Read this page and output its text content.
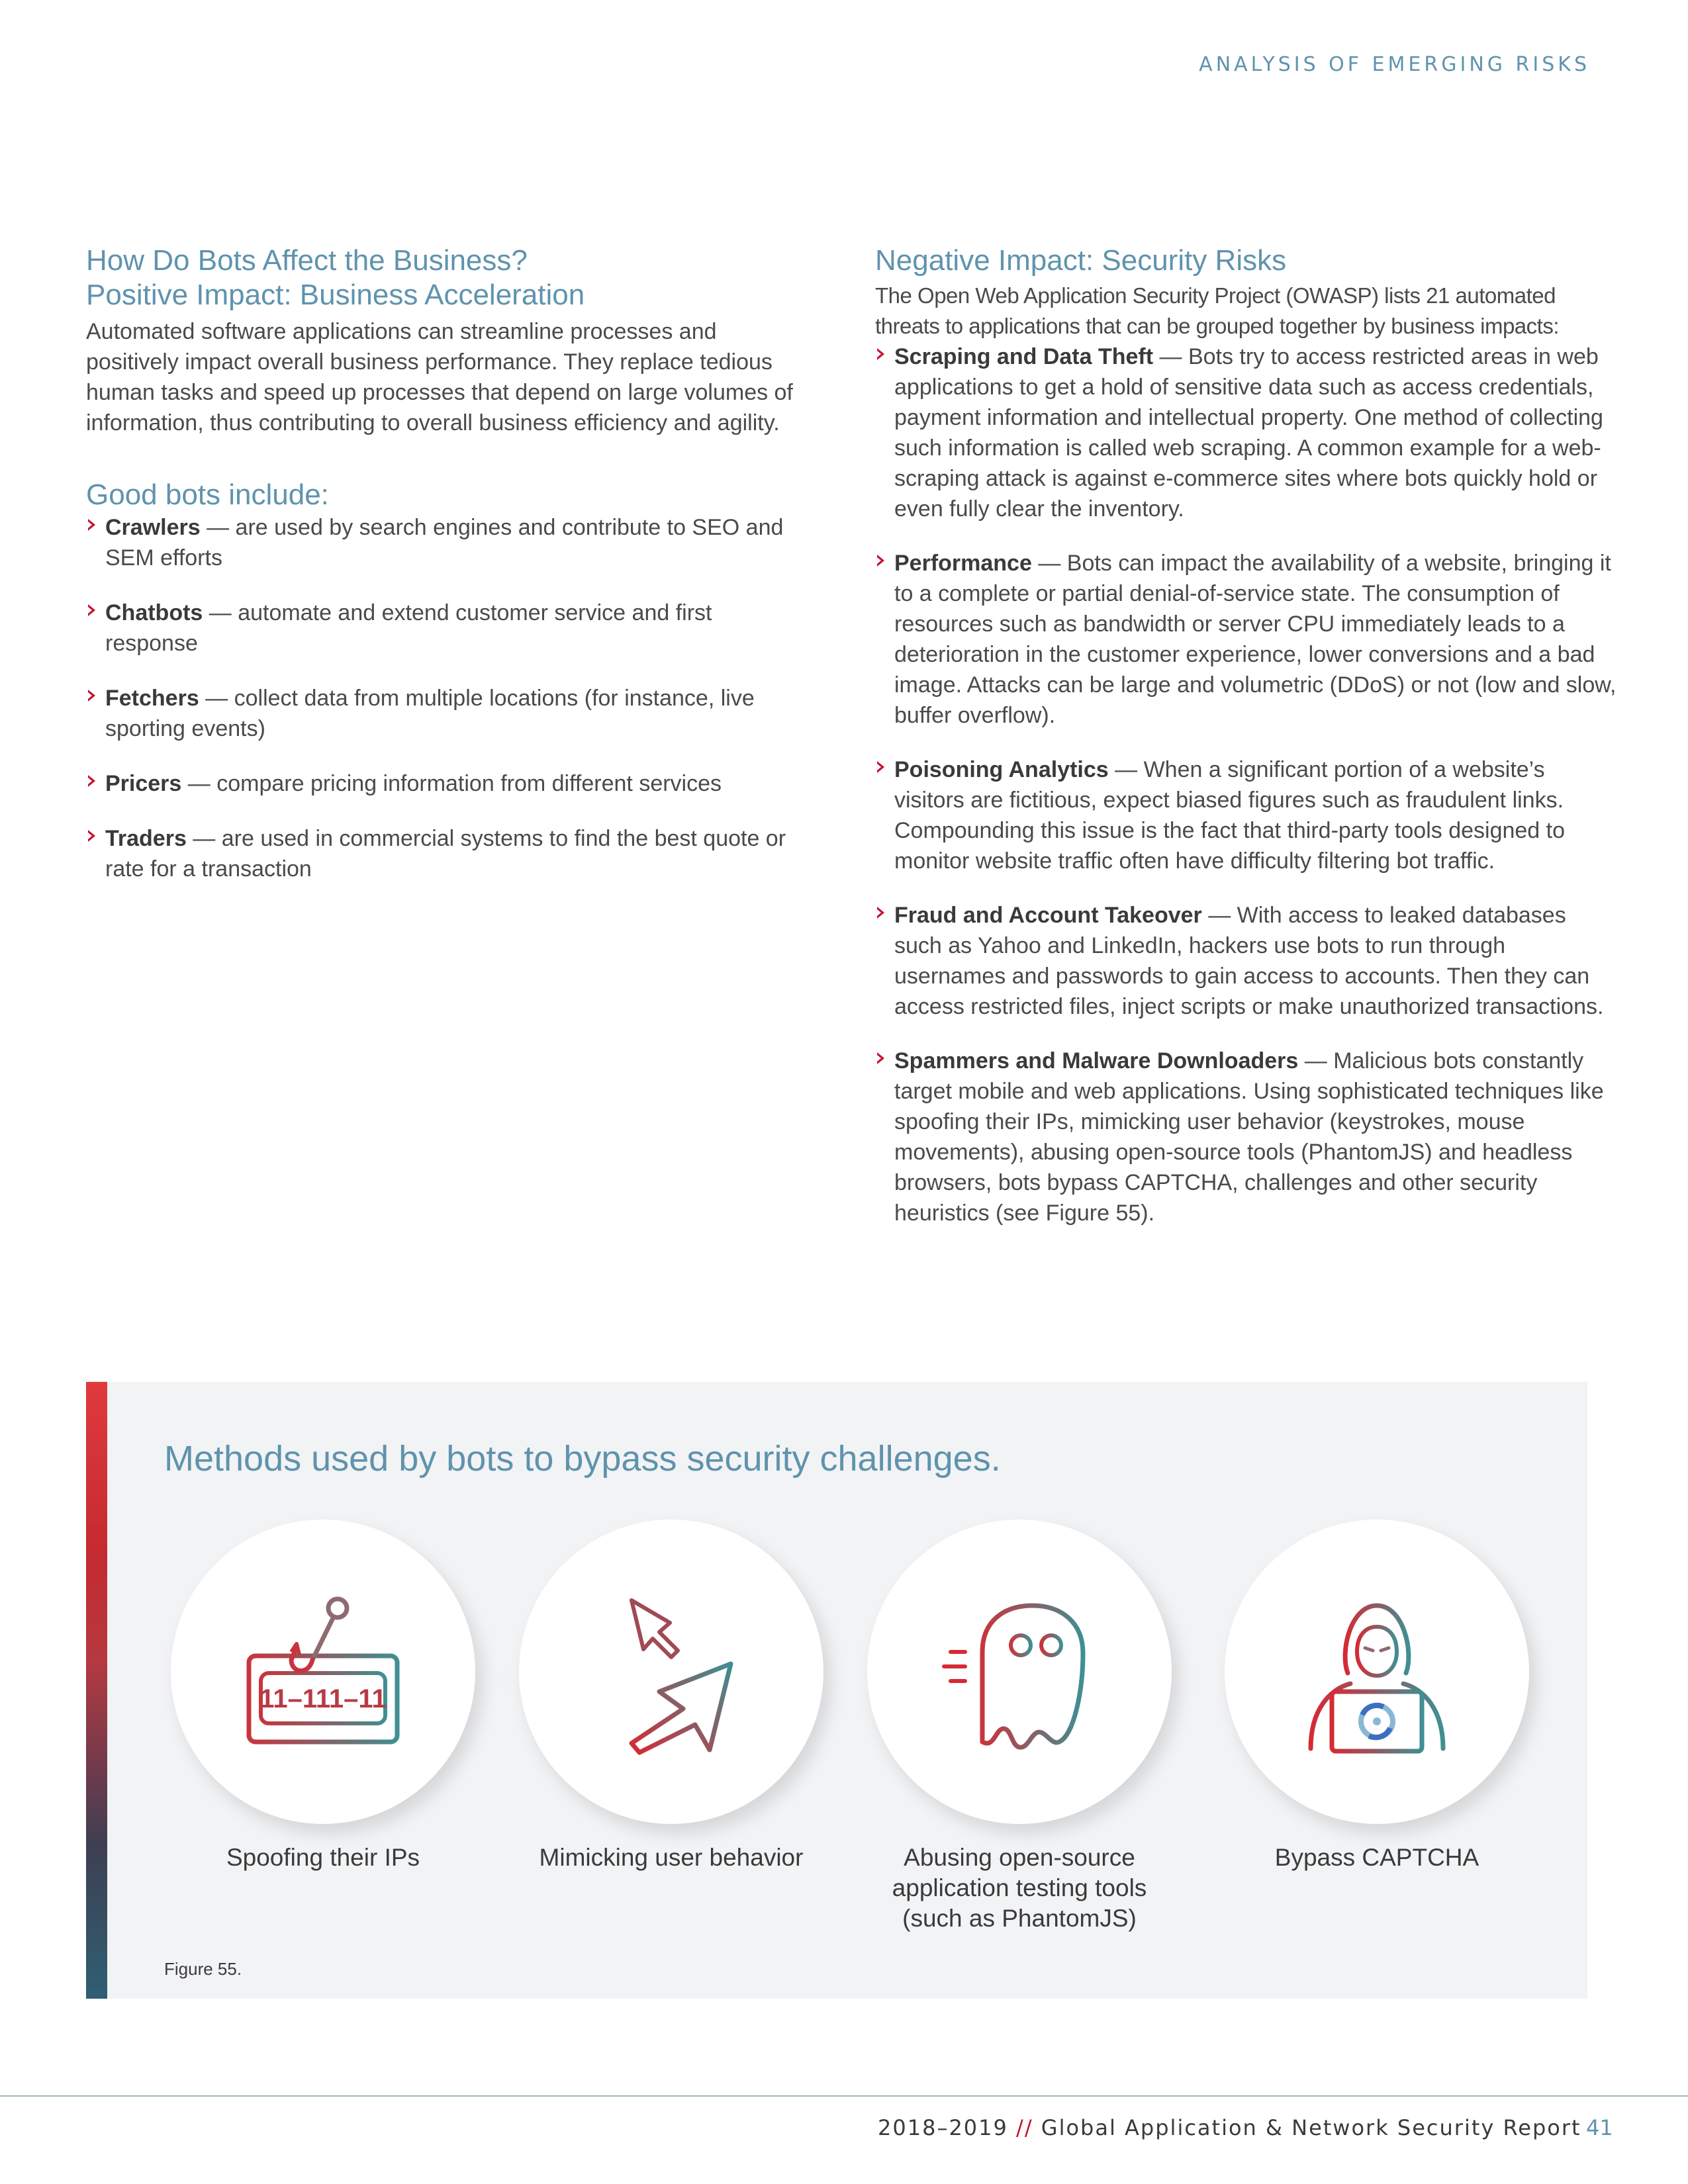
ANALYSIS OF EMERGING RISKS
How Do Bots Affect the Business?
Positive Impact: Business Acceleration

Automated software applications can streamline processes and positively impact overall business performance. They replace tedious human tasks and speed up processes that depend on large volumes of information, thus contributing to overall business efficiency and agility.

Good bots include:
Crawlers — are used by search engines and contribute to SEO and SEM efforts
Chatbots — automate and extend customer service and first response
Fetchers — collect data from multiple locations (for instance, live sporting events)
Pricers — compare pricing information from different services
Traders — are used in commercial systems to find the best quote or rate for a transaction
Negative Impact: Security Risks

The Open Web Application Security Project (OWASP) lists 21 automated threats to applications that can be grouped together by business impacts:

Scraping and Data Theft — Bots try to access restricted areas in web applications to get a hold of sensitive data such as access credentials, payment information and intellectual property. One method of collecting such information is called web scraping. A common example for a web-scraping attack is against e-commerce sites where bots quickly hold or even fully clear the inventory.
Performance — Bots can impact the availability of a website, bringing it to a complete or partial denial-of-service state. The consumption of resources such as bandwidth or server CPU immediately leads to a deterioration in the customer experience, lower conversions and a bad image. Attacks can be large and volumetric (DDoS) or not (low and slow, buffer overflow).
Poisoning Analytics — When a significant portion of a website’s visitors are fictitious, expect biased figures such as fraudulent links. Compounding this issue is the fact that third-party tools designed to monitor website traffic often have difficulty filtering bot traffic.
Fraud and Account Takeover — With access to leaked databases such as Yahoo and LinkedIn, hackers use bots to run through usernames and passwords to gain access to accounts. Then they can access restricted files, inject scripts or make unauthorized transactions.
Spammers and Malware Downloaders — Malicious bots constantly target mobile and web applications. Using sophisticated techniques like spoofing their IPs, mimicking user behavior (keystrokes, mouse movements), abusing open-source tools (PhantomJS) and headless browsers, bots bypass CAPTCHA, challenges and other security heuristics (see Figure 55).
Methods used by bots to bypass security challenges.
11–111–11
Spoofing their IPs	Mimicking user behavior	Abusing open-source application testing tools (such as PhantomJS)
Bypass CAPTCHA
Figure 55.
2018–2019 // Global Application & Network Security Report 41
